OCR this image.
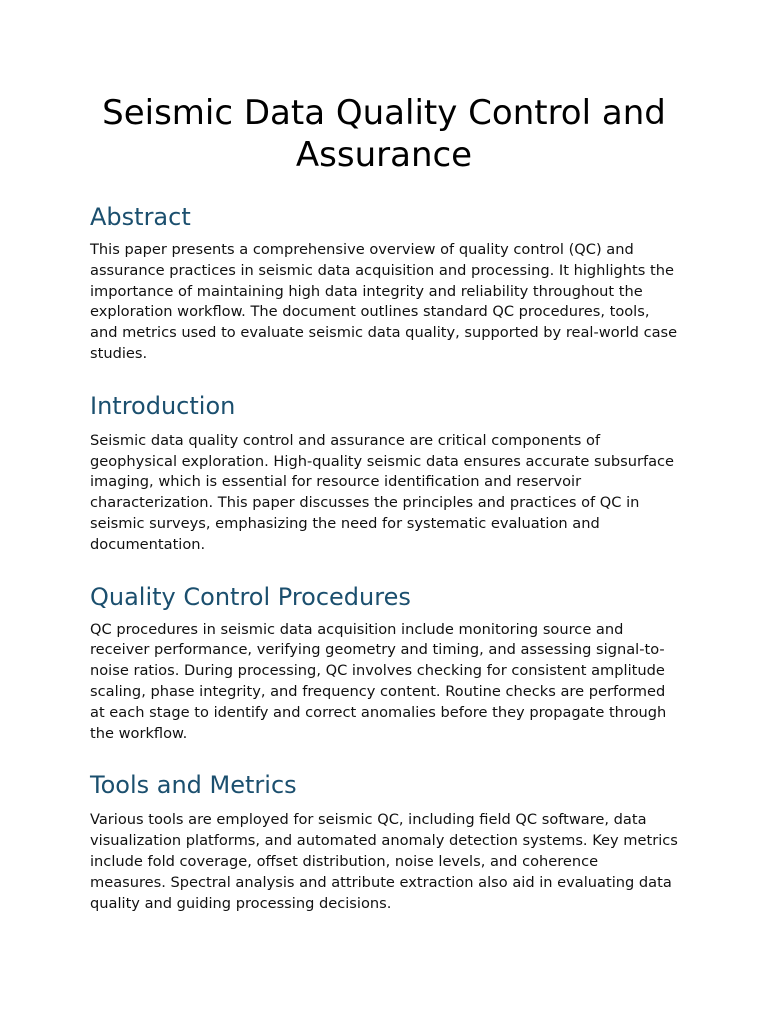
Seismic Data Quality Control and Assurance
Abstract

This paper presents a comprehensive overview of quality control (QC) and assurance practices in seismic data acquisition and processing. It highlights the importance of maintaining high data integrity and reliability throughout the exploration workflow. The document outlines standard QC procedures, tools, and metrics used to evaluate seismic data quality, supported by real-world case studies.

Introduction

Seismic data quality control and assurance are critical components of geophysical exploration. High-quality seismic data ensures accurate subsurface imaging, which is essential for resource identification and reservoir characterization. This paper discusses the principles and practices of QC in seismic surveys, emphasizing the need for systematic evaluation and documentation.

Quality Control Procedures

QC procedures in seismic data acquisition include monitoring source and receiver performance, verifying geometry and timing, and assessing signal-to-noise ratios. During processing, QC involves checking for consistent amplitude scaling, phase integrity, and frequency content. Routine checks are performed at each stage to identify and correct anomalies before they propagate through the workflow.

Tools and Metrics

Various tools are employed for seismic QC, including field QC software, data visualization platforms, and automated anomaly detection systems. Key metrics include fold coverage, offset distribution, noise levels, and coherence measures. Spectral analysis and attribute extraction also aid in evaluating data quality and guiding processing decisions.
